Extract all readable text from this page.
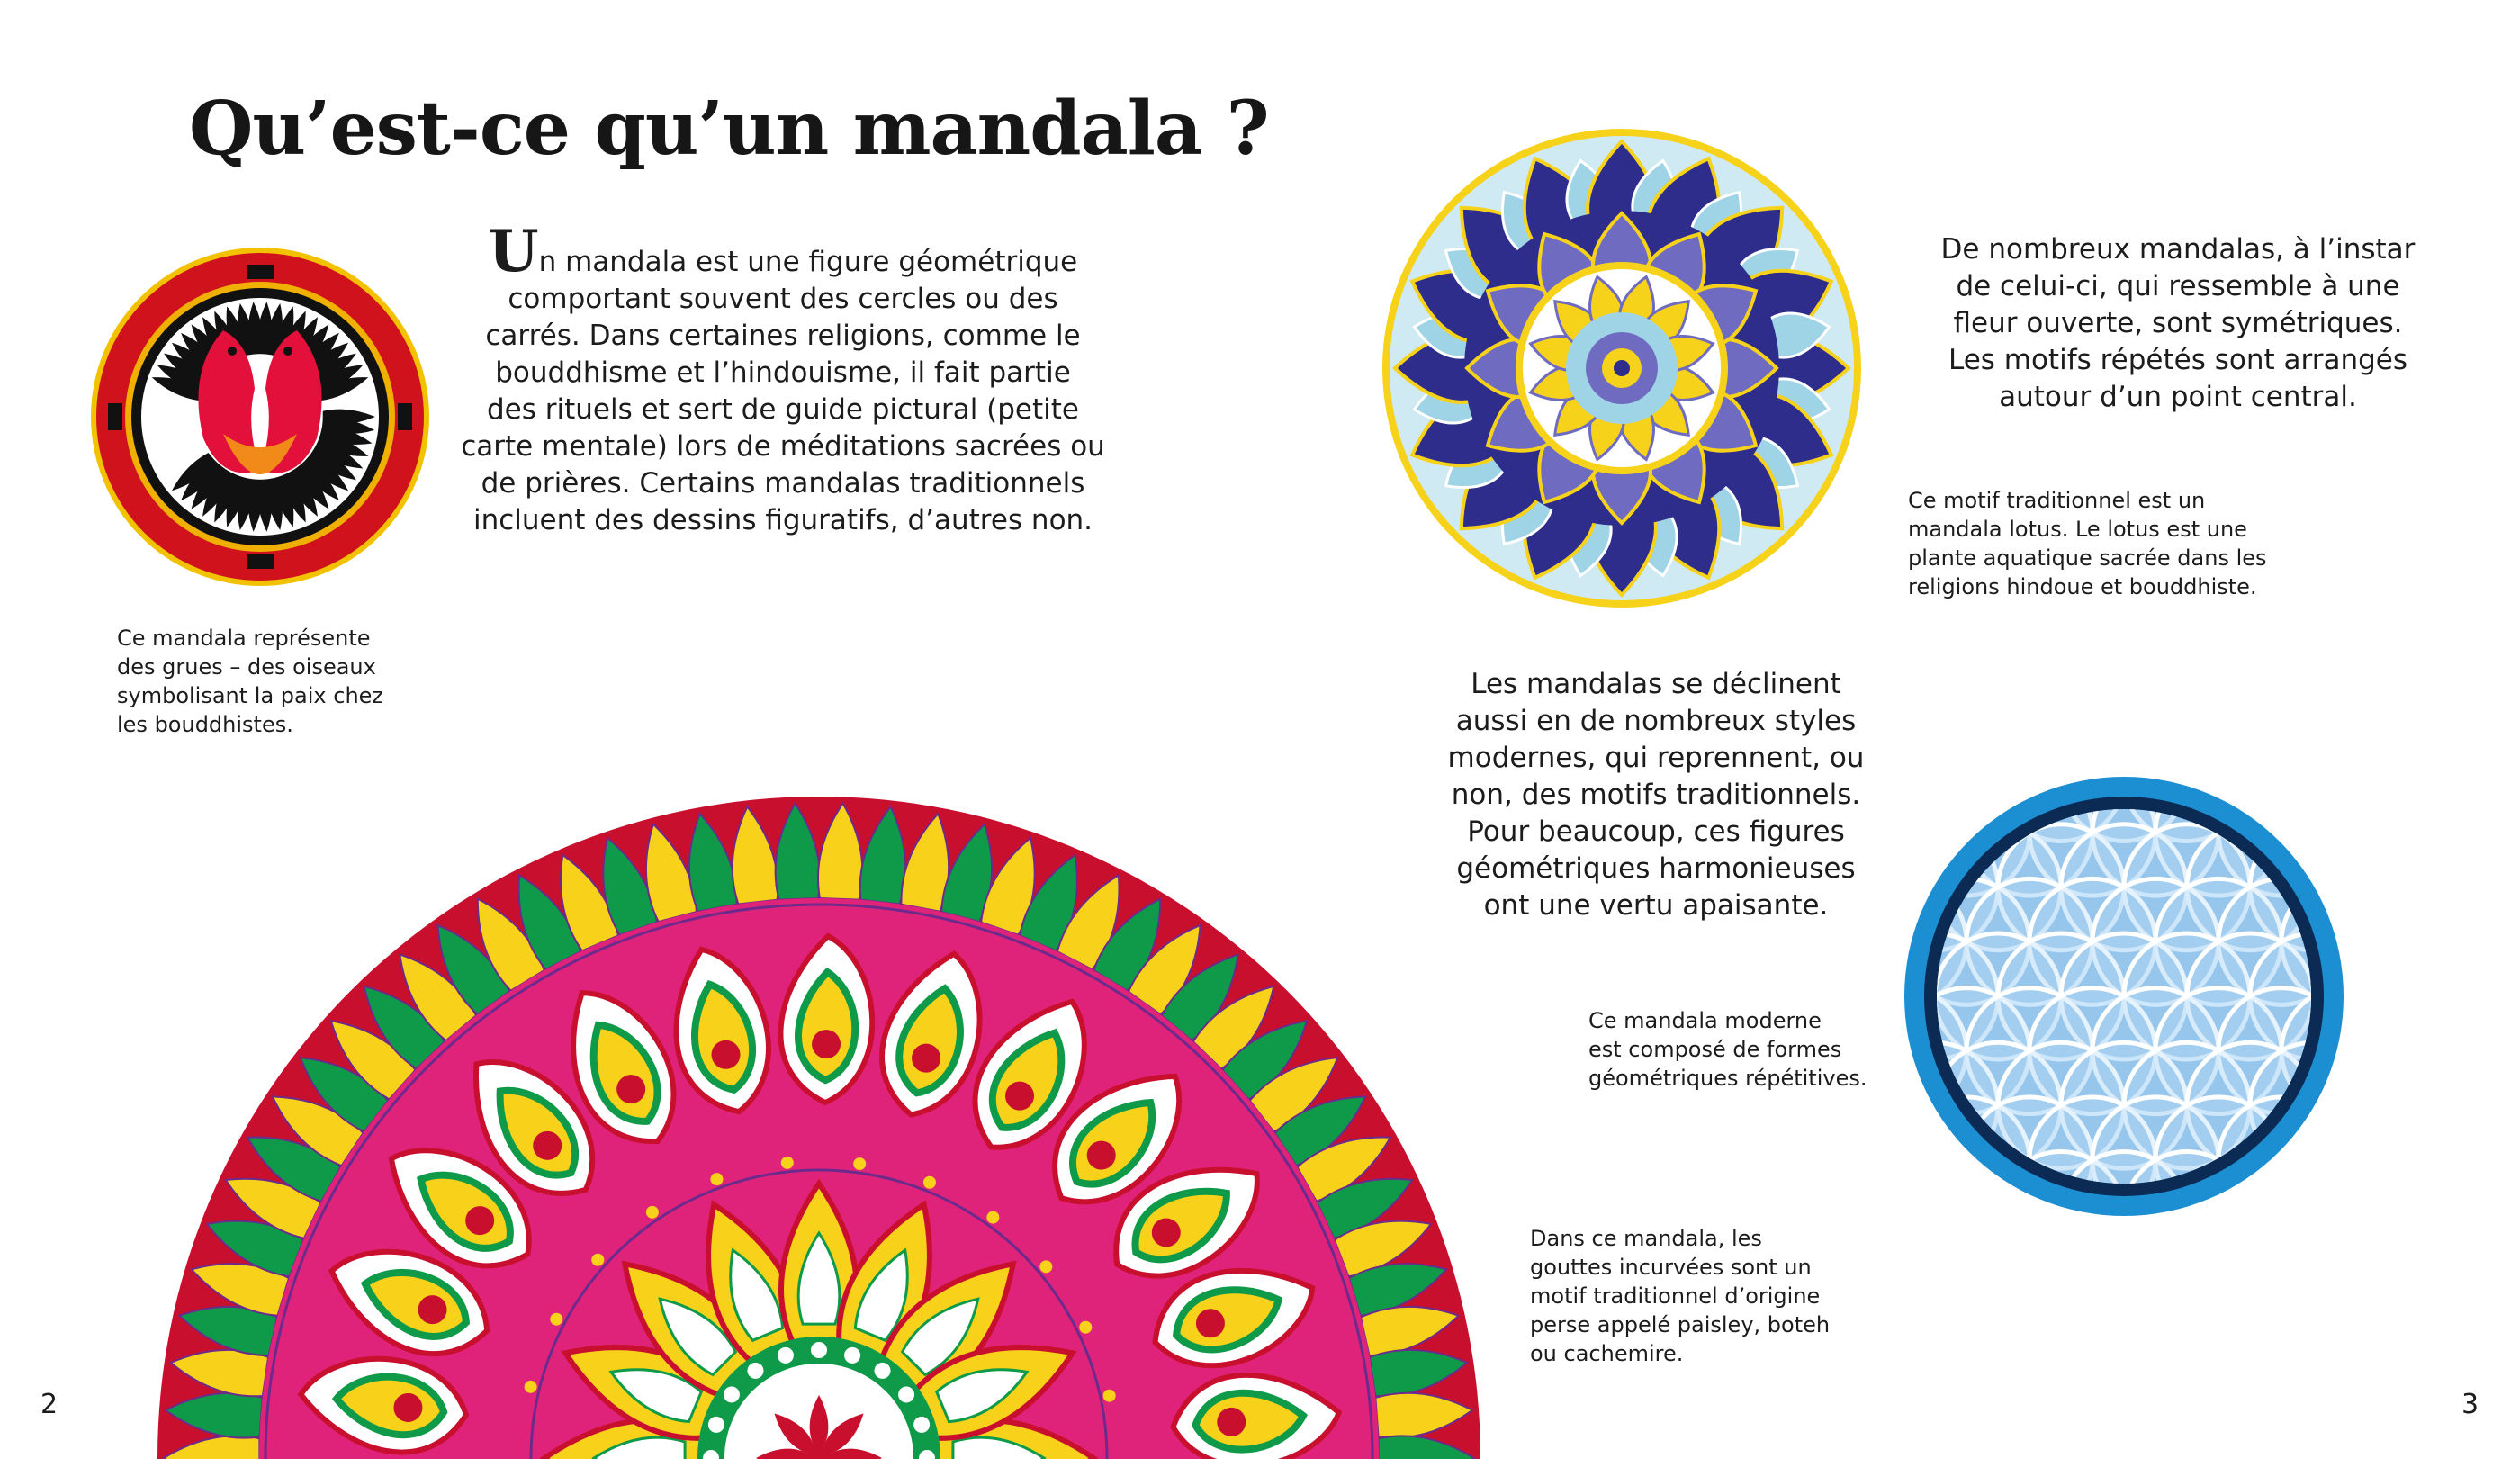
Qu’est-ce qu’un mandala ?
Un mandala est une figure géométrique
comportant souvent des cercles ou des
carrés. Dans certaines religions, comme le
bouddhisme et l’hindouisme, il fait partie
des rituels et sert de guide pictural (petite
carte mentale) lors de méditations sacrées ou
de prières. Certains mandalas traditionnels
incluent des dessins figuratifs, d’autres non.
Ce mandala représente
des grues – des oiseaux
symbolisant la paix chez
les bouddhistes.
De nombreux mandalas, à l’instar
de celui-ci, qui ressemble à une
fleur ouverte, sont symétriques.
Les motifs répétés sont arrangés
autour d’un point central.
Ce motif traditionnel est un
mandala lotus. Le lotus est une
plante aquatique sacrée dans les
religions hindoue et bouddhiste.
Les mandalas se déclinent
aussi en de nombreux styles
modernes, qui reprennent, ou
non, des motifs traditionnels.
Pour beaucoup, ces figures
géométriques harmonieuses
ont une vertu apaisante.
Ce mandala moderne
est composé de formes
géométriques répétitives.
Dans ce mandala, les
gouttes incurvées sont un
motif traditionnel d’origine
perse appelé paisley, boteh
ou cachemire.
2	3
